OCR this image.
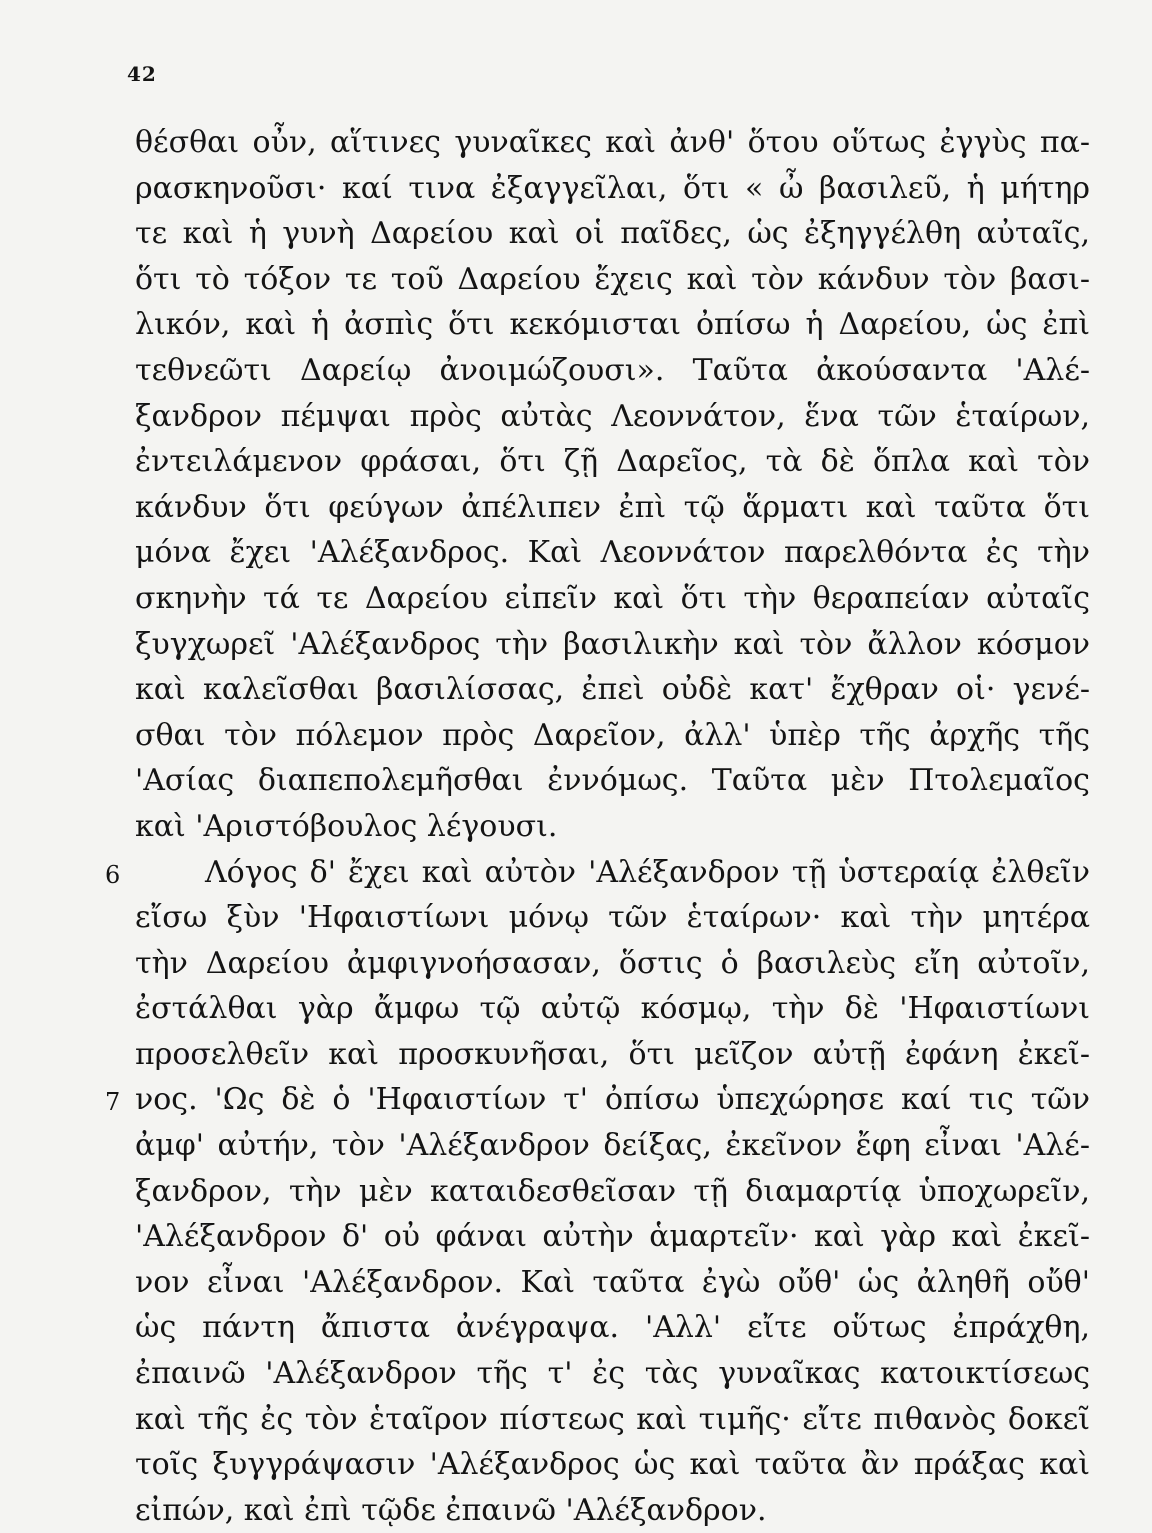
42
θέσθαι οὖν, αἵτινες γυναῖκες καὶ ἀνθ' ὅτου οὕτως ἐγγὺς πα-
ρασκηνοῦσι· καί τινα ἐξαγγεῖλαι, ὅτι « ὦ βασιλεῦ, ἡ μήτηρ
τε καὶ ἡ γυνὴ Δαρείου καὶ οἱ παῖδες, ὡς ἐξηγγέλθη αὐταῖς,
ὅτι τὸ τόξον τε τοῦ Δαρείου ἔχεις καὶ τὸν κάνδυν τὸν βασι-
λικόν, καὶ ἡ ἀσπὶς ὅτι κεκόμισται ὀπίσω ἡ Δαρείου, ὡς ἐπὶ
τεθνεῶτι Δαρείῳ ἀνοιμώζουσι». Ταῦτα ἀκούσαντα 'Αλέ-
ξανδρον πέμψαι πρὸς αὐτὰς Λεοννάτον, ἕνα τῶν ἑταίρων,
ἐντειλάμενον φράσαι, ὅτι ζῇ Δαρεῖος, τὰ δὲ ὅπλα καὶ τὸν
κάνδυν ὅτι φεύγων ἀπέλιπεν ἐπὶ τῷ ἅρματι καὶ ταῦτα ὅτι
μόνα ἔχει 'Αλέξανδρος. Καὶ Λεοννάτον παρελθόντα ἐς τὴν
σκηνὴν τά τε Δαρείου εἰπεῖν καὶ ὅτι τὴν θεραπείαν αὐταῖς
ξυγχωρεῖ 'Αλέξανδρος τὴν βασιλικὴν καὶ τὸν ἄλλον κόσμον
καὶ καλεῖσθαι βασιλίσσας, ἐπεὶ οὐδὲ κατ' ἔχθραν οἱ· γενέ-
σθαι τὸν πόλεμον πρὸς Δαρεῖον, ἀλλ' ὑπὲρ τῆς ἀρχῆς τῆς
'Ασίας διαπεπολεμῆσθαι ἐννόμως. Ταῦτα μὲν Πτολεμαῖος
καὶ 'Αριστόβουλος λέγουσι.
6	Λόγος δ' ἔχει καὶ αὐτὸν 'Αλέξανδρον τῇ ὑστεραίᾳ ἐλθεῖν
εἴσω ξὺν 'Ηφαιστίωνι μόνῳ τῶν ἑταίρων· καὶ τὴν μητέρα
τὴν Δαρείου ἀμφιγνοήσασαν, ὅστις ὁ βασιλεὺς εἴη αὐτοῖν,
ἐστάλθαι γὰρ ἄμφω τῷ αὐτῷ κόσμῳ, τὴν δὲ 'Ηφαιστίωνι
προσελθεῖν καὶ προσκυνῆσαι, ὅτι μεῖζον αὐτῇ ἐφάνη ἐκεῖ-
7 νος. 'Ως δὲ ὁ 'Ηφαιστίων τ' ὀπίσω ὑπεχώρησε καί τις τῶν
ἀμφ' αὐτήν, τὸν 'Αλέξανδρον δείξας, ἐκεῖνον ἔφη εἶναι 'Αλέ-
ξανδρον, τὴν μὲν καταιδεσθεῖσαν τῇ διαμαρτίᾳ ὑποχωρεῖν,
'Αλέξανδρον δ' οὐ φάναι αὐτὴν ἁμαρτεῖν· καὶ γὰρ καὶ ἐκεῖ-
νον εἶναι 'Αλέξανδρον. Καὶ ταῦτα ἐγὼ οὔθ' ὡς ἀληθῆ οὔθ'
ὡς πάντη ἄπιστα ἀνέγραψα. 'Αλλ' εἴτε οὕτως ἐπράχθη,
ἐπαινῶ 'Αλέξανδρον τῆς τ' ἐς τὰς γυναῖκας κατοικτίσεως
καὶ τῆς ἐς τὸν ἑταῖρον πίστεως καὶ τιμῆς· εἴτε πιθανὸς δοκεῖ
τοῖς ξυγγράψασιν 'Αλέξανδρος ὡς καὶ ταῦτα ἂν πράξας καὶ
εἰπών, καὶ ἐπὶ τῷδε ἐπαινῶ 'Αλέξανδρον.
